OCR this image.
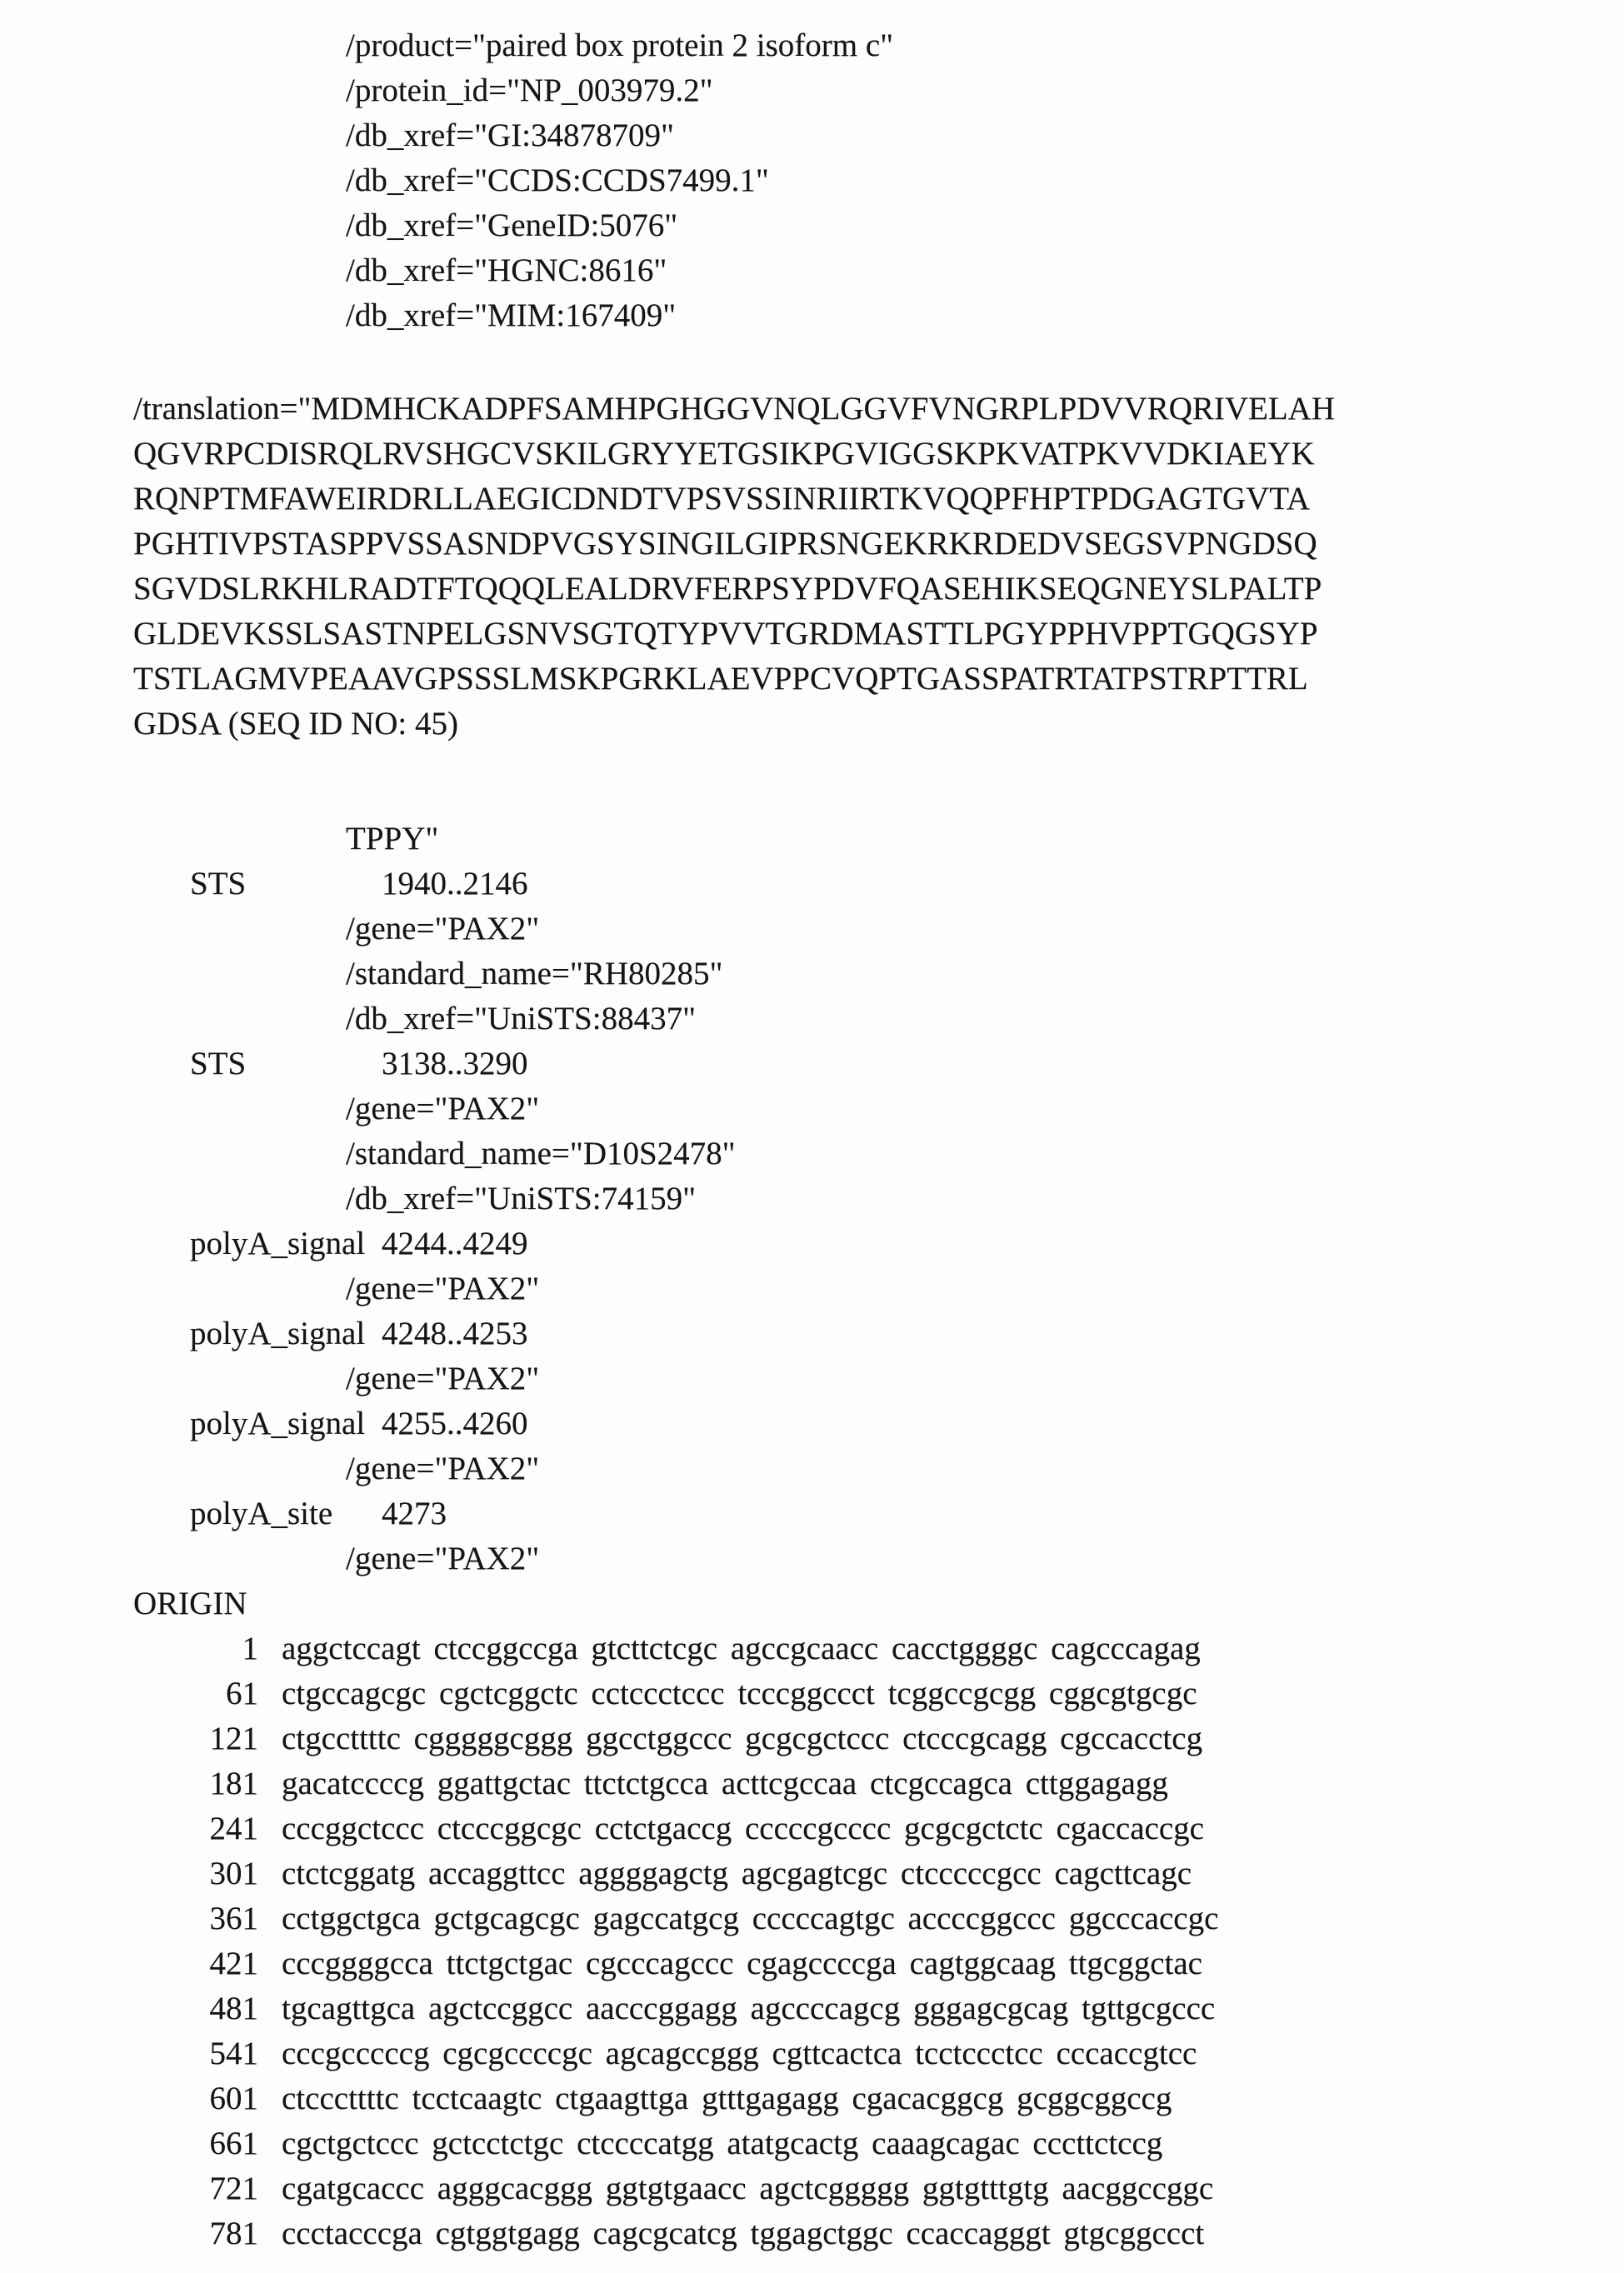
/product="paired box protein 2 isoform c"
/protein_id="NP_003979.2"
/db_xref="GI:34878709"
/db_xref="CCDS:CCDS7499.1"
/db_xref="GeneID:5076"
/db_xref="HGNC:8616"
/db_xref="MIM:167409"
/translation="MDMHCKADPFSAMHPGHGGVNQLGGVFVNGRPLPDVVRQRIVELAH
QGVRPCDISRQLRVSHGCVSKILGRYYETGSIKPGVIGGSKPKVATPKVVDKIAEYK
RQNPTMFAWEIRDRLLAEGICDNDTVPSVSSINRIIRTKVQQPFHPTPDGAGTGVTA
PGHTIVPSTASPPVSSASNDPVGSYSINGILGIPRSNGEKRKRDEDVSEGSVPNGDSQ
SGVDSLRKHLRADTFTQQQLEALDRVFERPSYPDVFQASEHIKSEQGNEYSLPALTP
GLDEVKSSLSASTNPELGSNVSGTQTYPVVTGRDMASTTLPGYPPHVPPTGQGSYP
TSTLAGMVPEAAVGPSSSLMSKPGRKLAEVPPCVQPTGASSPATRTATPSTRPTTRL
GDSA (SEQ ID NO: 45)
TPPY"
STS	1940..2146
/gene="PAX2"
/standard_name="RH80285"
/db_xref="UniSTS:88437"
STS	3138..3290
/gene="PAX2"
/standard_name="D10S2478"
/db_xref="UniSTS:74159"
polyA_signal 4244..4249
/gene="PAX2"
polyA_signal 4248..4253
/gene="PAX2"
polyA_signal 4255..4260
/gene="PAX2"
polyA_site 4273
/gene="PAX2"
ORIGIN
1 aggctccagt ctccggccga gtcttctcgc agccgcaacc cacctggggc cagcccagag
61 ctgccagcgc cgctcggctc cctccctccc tcccggccct tcggccgcgg cggcgtgcgc
121 ctgccttttc cgggggcggg ggcctggccc gcgcgctccc ctcccgcagg cgccacctcg
181 gacatccccg ggattgctac ttctctgcca acttcgccaa ctcgccagca cttggagagg
241 cccggctccc ctcccggcgc cctctgaccg cccccgcccc gcgcgctctc cgaccaccgc
301 ctctcggatg accaggttcc aggggagctg agcgagtcgc ctcccccgcc cagcttcagc
361 cctggctgca gctgcagcgc gagccatgcg cccccagtgc accccggccc ggcccaccgc
421 cccggggcca ttctgctgac cgcccagccc cgagccccga cagtggcaag ttgcggctac
481 tgcagttgca agctccggcc aacccggagg agccccagcg gggagcgcag tgttgcgccc
541 cccgcccccg cgcgccccgc agcagccggg cgttcactca tcctccctcc cccaccgtcc
601 ctcccttttc tcctcaagtc ctgaagttga gtttgagagg cgacacggcg gcggcggccg
661 cgctgctccc gctcctctgc ctccccatgg atatgcactg caaagcagac cccttctccg
721 cgatgcaccc agggcacggg ggtgtgaacc agctcggggg ggtgtttgtg aacggccggc
781 ccctacccga cgtggtgagg cagcgcatcg tggagctggc ccaccagggt gtgcggccct
